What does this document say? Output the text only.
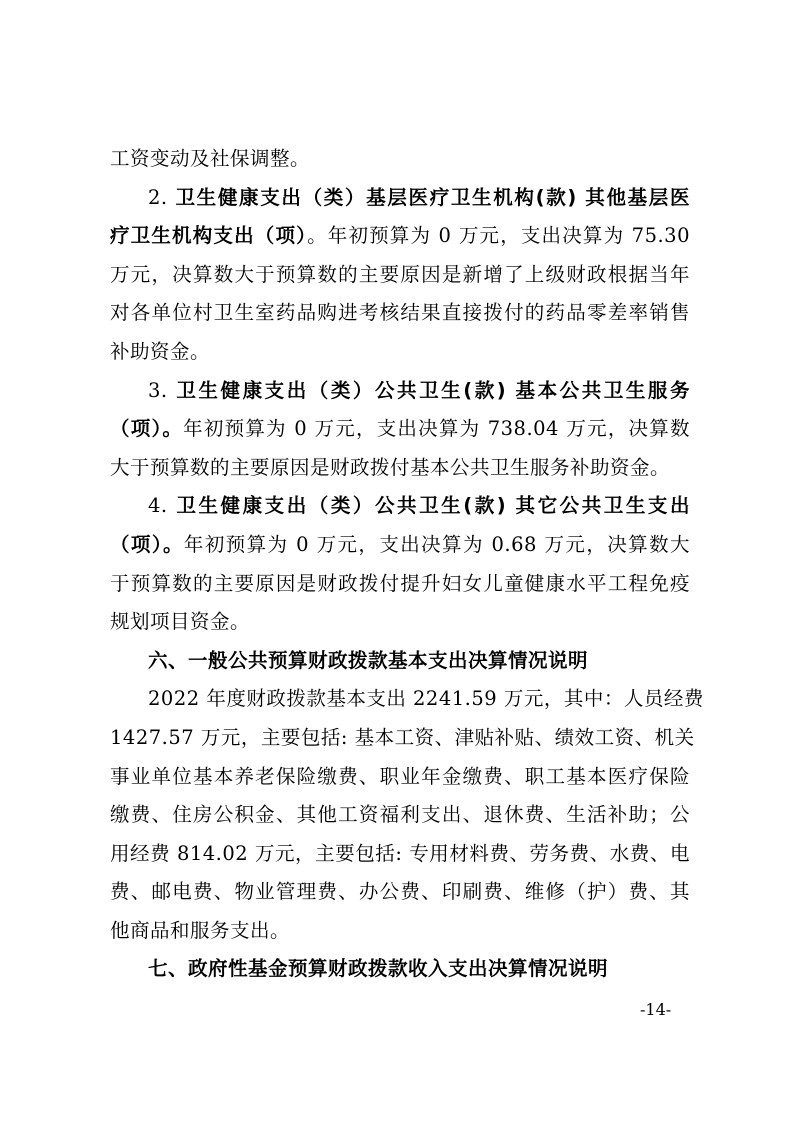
工资变动及社保调整。
2. 卫生健康支出（类）基层医疗卫生机构(款) 其他基层医
疗卫生机构支出（项）。年初预算为 0 万元，支出决算为 75.30
万元，决算数大于预算数的主要原因是新增了上级财政根据当年
对各单位村卫生室药品购进考核结果直接拨付的药品零差率销售
补助资金。
3. 卫生健康支出（类）公共卫生(款) 基本公共卫生服务
（项）。年初预算为 0 万元，支出决算为 738.04 万元，决算数
大于预算数的主要原因是财政拨付基本公共卫生服务补助资金。
4. 卫生健康支出（类）公共卫生(款) 其它公共卫生支出
（项）。年初预算为 0 万元，支出决算为 0.68 万元，决算数大
于预算数的主要原因是财政拨付提升妇女儿童健康水平工程免疫
规划项目资金。
六、一般公共预算财政拨款基本支出决算情况说明
2022 年度财政拨款基本支出 2241.59 万元，其中：人员经费
1427.57 万元，主要包括: 基本工资、津贴补贴、绩效工资、机关
事业单位基本养老保险缴费、职业年金缴费、职工基本医疗保险
缴费、住房公积金、其他工资福利支出、退休费、生活补助；公
用经费 814.02 万元，主要包括: 专用材料费、劳务费、水费、电
费、邮电费、物业管理费、办公费、印刷费、维修（护）费、其
他商品和服务支出。
七、政府性基金预算财政拨款收入支出决算情况说明
-14-
